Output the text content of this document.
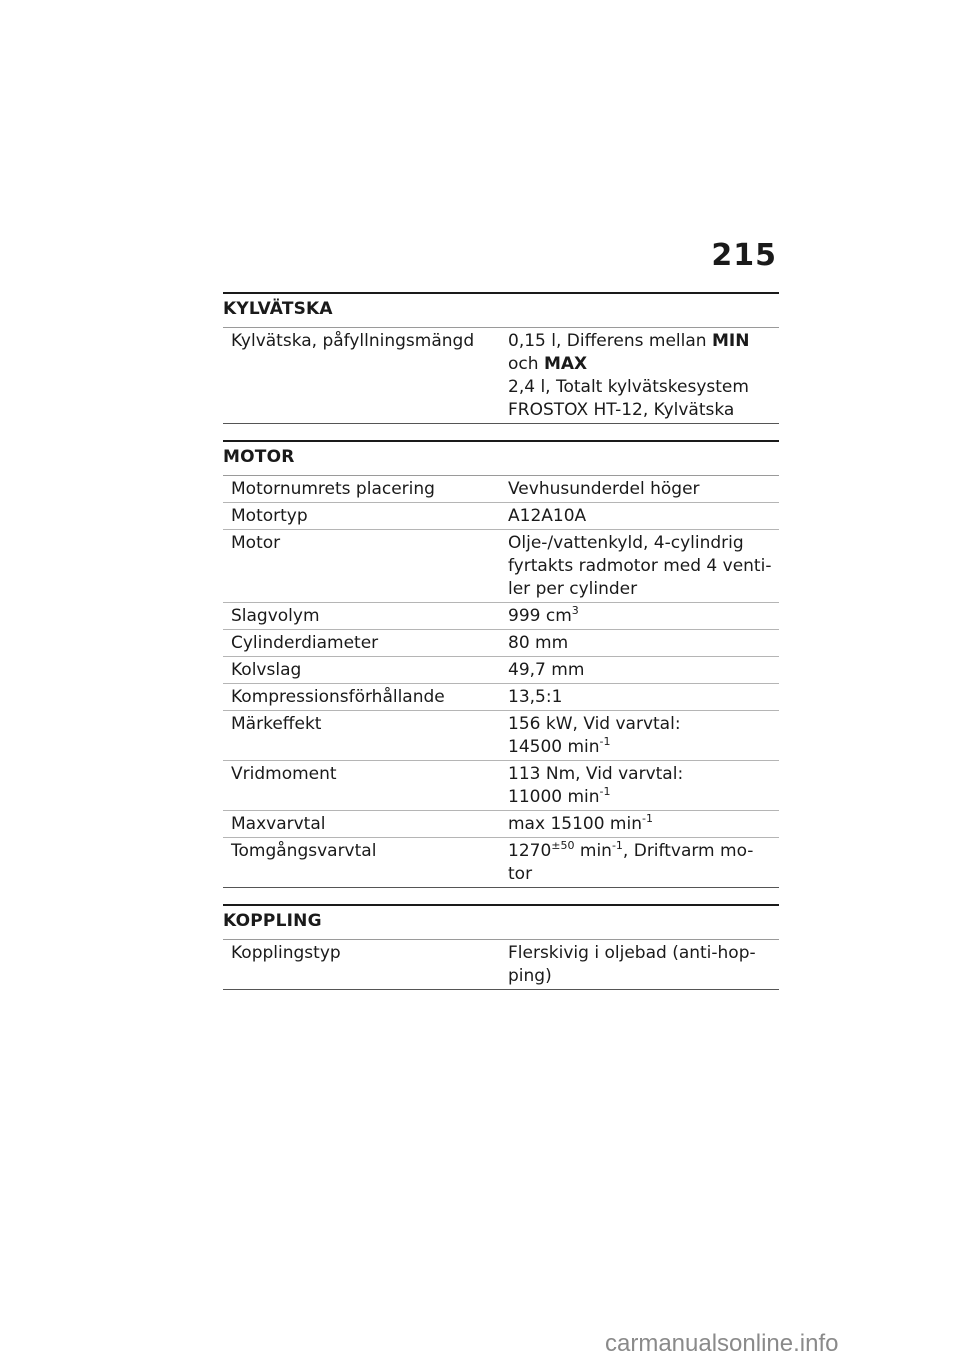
215
KYLVÄTSKA
Kylvätska, påfyllningsmängd	0,15 l, Differens mellan MIN
och MAX
2,4 l, Totalt kylvätskesystem
FROSTOX HT-12, Kylvätska
MOTOR
Motornumrets placering	Vevhusunderdel höger
Motortyp	A12A10A
Motor	Olje-/vattenkyld, 4-cylindrig fyrtakts radmotor med 4 venti-ler per cylinder
Slagvolym	999 $cm^3$
Cylinderdiameter	80 mm
Kolvslag	49,7 mm
Kompressionsförhållande	13,5:1
Märkeffekt	156 kW, Vid varvtal:
14500 $\min^{-1}$
Vridmoment	113 Nm, Vid varvtal:
11000 $\min^{-1}$
Maxvarvtal	max 15100 $\min^{-1}$
Tomgångsvarvtal	$1270^{\pm 50}$ $\min^{-1}$, Driftvarm mo-tor
KOPPLING
Kopplingstyp	Flerskivig i oljebad (anti-hop-ping)
carmanualsonline.info
